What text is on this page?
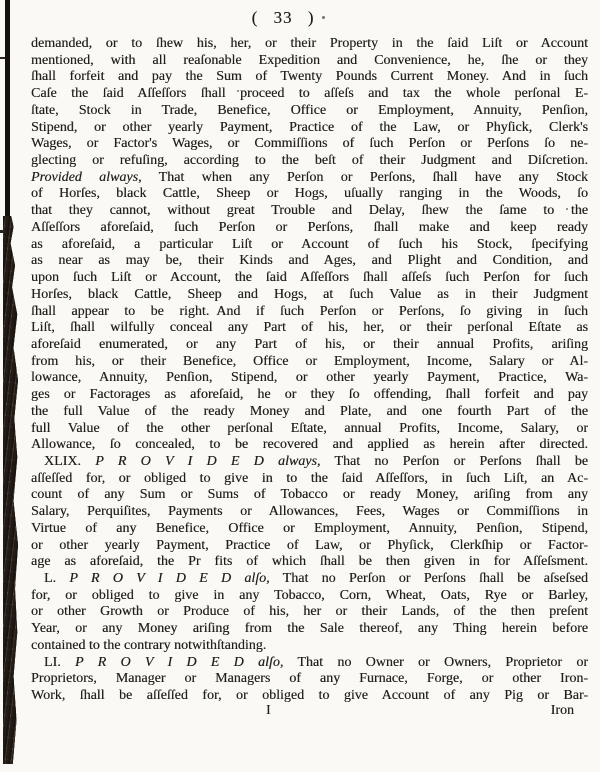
( 33 )
demanded, or to ſhew his, her, or their Property in the ſaid Liſt or Account
mentioned, with all reaſonable Expedition and Convenience, he, ſhe or they
ſhall forfeit and pay the Sum of Twenty Pounds Current Money. And in ſuch
Caſe the ſaid Aſſeſſors ſhall proceed to aſſeſs and tax the whole perſonal E-
ſtate, Stock in Trade, Benefice, Office or Employment, Annuity, Penſion,
Stipend, or other yearly Payment, Practice of the Law, or Phyſick, Clerk's
Wages, or Factor's Wages, or Commiſſions of ſuch Perſon or Perſons ſo ne-
glecting or refuſing, according to the beſt of their Judgment and Diſcretion.
Provided always, That when any Perſon or Perſons, ſhall have any Stock
of Horſes, black Cattle, Sheep or Hogs, uſually ranging in the Woods, ſo
that they cannot, without great Trouble and Delay, ſhew the ſame to the
Aſſeſſors aforeſaid, ſuch Perſon or Perſons, ſhall make and keep ready
as aforeſaid, a particular Liſt or Account of ſuch his Stock, ſpecifying
as near as may be, their Kinds and Ages, and Plight and Condition, and
upon ſuch Liſt or Account, the ſaid Aſſeſſors ſhall aſſeſs ſuch Perſon for ſuch
Horſes, black Cattle, Sheep and Hogs, at ſuch Value as in their Judgment
ſhall appear to be right. And if ſuch Perſon or Perſons, ſo giving in ſuch
Liſt, ſhall wilfully conceal any Part of his, her, or their perſonal Eſtate as
aforeſaid enumerated, or any Part of his, or their annual Profits, ariſing
from his, or their Benefice, Office or Employment, Income, Salary or Al-
lowance, Annuity, Penſion, Stipend, or other yearly Payment, Practice, Wa-
ges or Factorages as aforeſaid, he or they ſo offending, ſhall forfeit and pay
the full Value of the ready Money and Plate, and one fourth Part of the
full Value of the other perſonal Eſtate, annual Profits, Income, Salary, or
Allowance, ſo concealed, to be recovered and applied as herein after directed.
XLIX. P R O V I D E D always, That no Perſon or Perſons ſhall be
aſſeſſed for, or obliged to give in to the ſaid Aſſeſſors, in ſuch Liſt, an Ac-
count of any Sum or Sums of Tobacco or ready Money, ariſing from any
Salary, Perquiſites, Payments or Allowances, Fees, Wages or Commiſſions in
Virtue of any Benefice, Office or Employment, Annuity, Penſion, Stipend,
or other yearly Payment, Practice of Law, or Phyſick, Clerkſhip or Factor-
age as aforeſaid, the Pr fits of which ſhall be then given in for Aſſeſsment.
L. P R O V I D E D alſo, That no Perſon or Perſons ſhall be aſseſsed
for, or obliged to give in any Tobacco, Corn, Wheat, Oats, Rye or Barley,
or other Growth or Produce of his, her or their Lands, of the then preſent
Year, or any Money ariſing from the Sale thereof, any Thing herein before
contained to the contrary notwithſtanding.
LI. P R O V I D E D alſo, That no Owner or Owners, Proprietor or
Proprietors, Manager or Managers of any Furnace, Forge, or other Iron-
Work, ſhall be aſſeſſed for, or obliged to give Account of any Pig or Bar-
I	Iron
